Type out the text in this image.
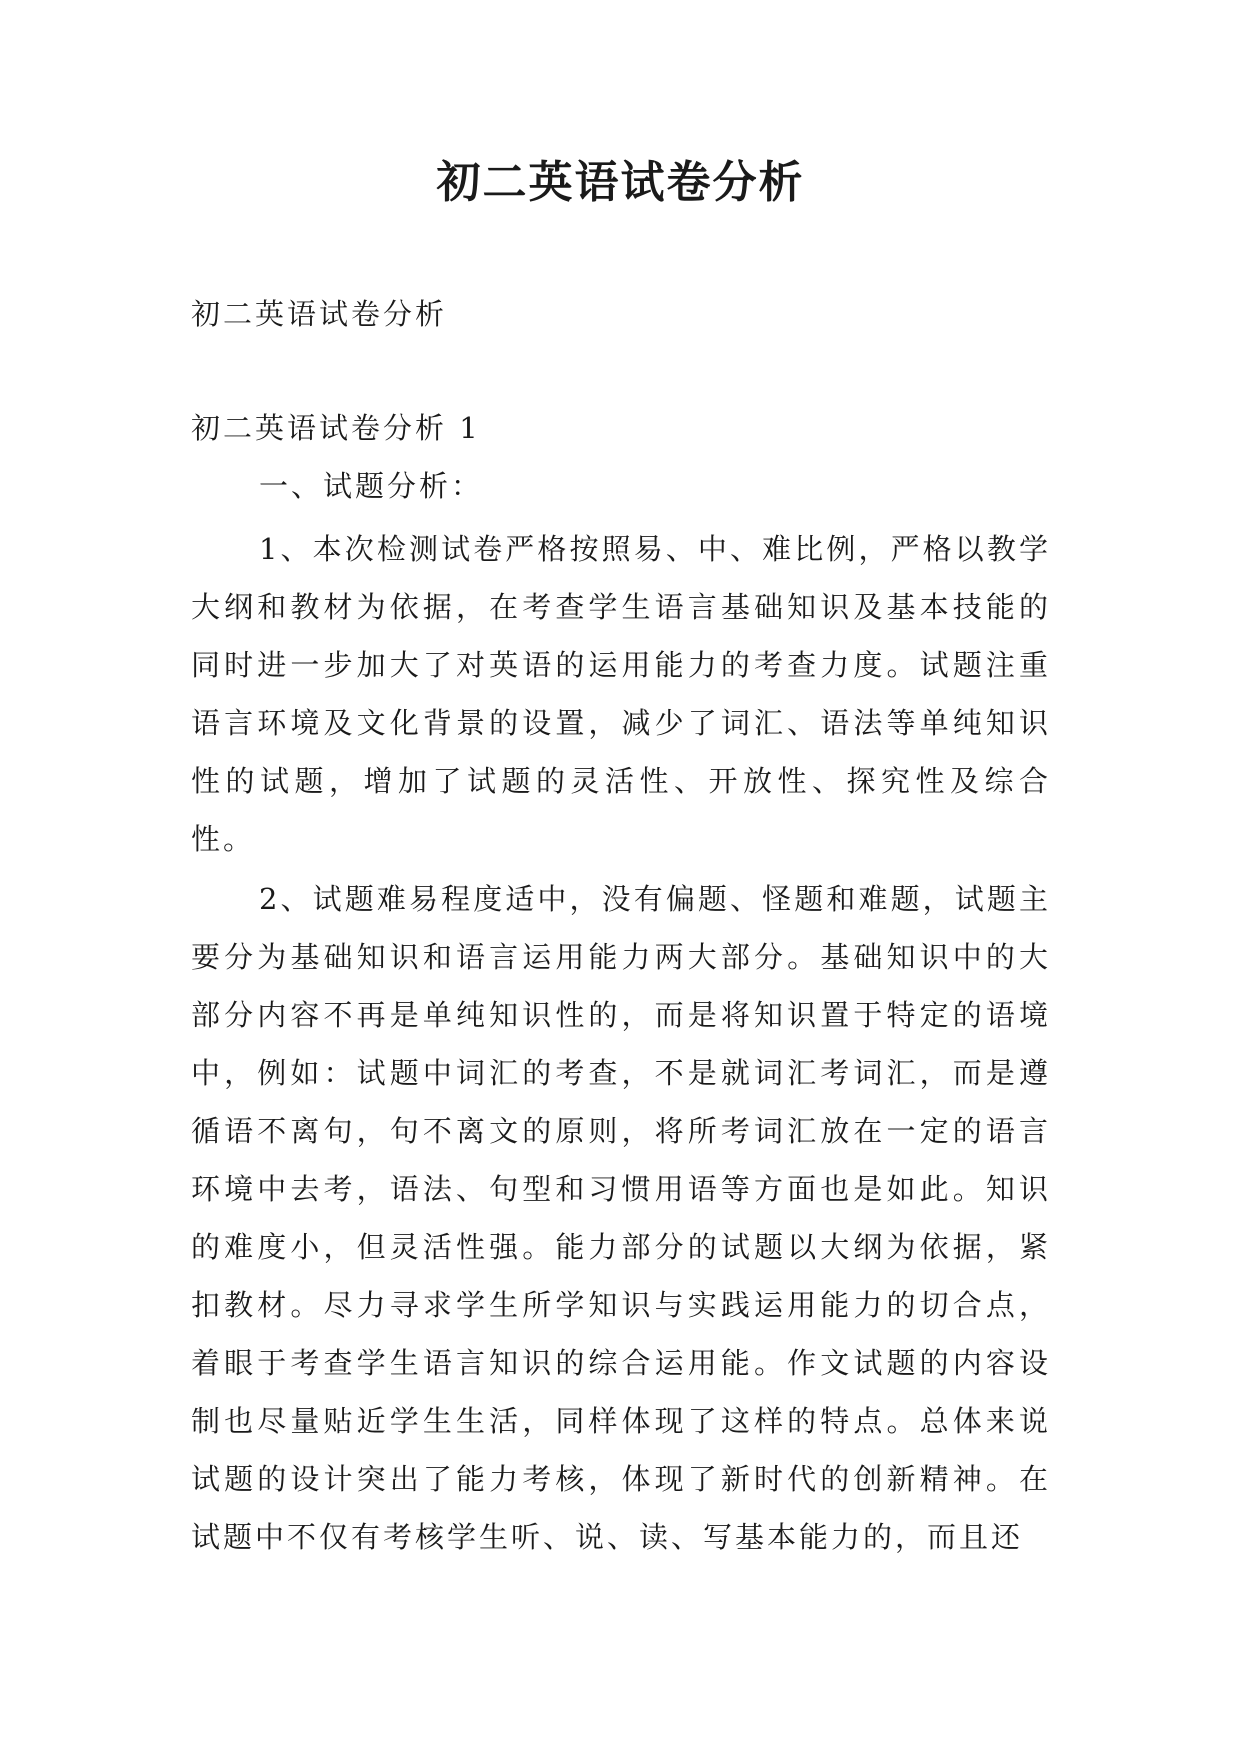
初二英语试卷分析

初二英语试卷分析

初二英语试卷分析 1

一、试题分析：

1、本次检测试卷严格按照易、中、难比例，严格以教学大纲和教材为依据，在考查学生语言基础知识及基本技能的同时进一步加大了对英语的运用能力的考查力度。试题注重语言环境及文化背景的设置，减少了词汇、语法等单纯知识性的试题，增加了试题的灵活性、开放性、探究性及综合性。

2、试题难易程度适中，没有偏题、怪题和难题，试题主要分为基础知识和语言运用能力两大部分。基础知识中的大部分内容不再是单纯知识性的，而是将知识置于特定的语境中，例如：试题中词汇的考查，不是就词汇考词汇，而是遵循语不离句，句不离文的原则，将所考词汇放在一定的语言环境中去考，语法、句型和习惯用语等方面也是如此。知识的难度小，但灵活性强。能力部分的试题以大纲为依据，紧扣教材。尽力寻求学生所学知识与实践运用能力的切合点，着眼于考查学生语言知识的综合运用能。作文试题的内容设制也尽量贴近学生生活，同样体现了这样的特点。总体来说试题的设计突出了能力考核，体现了新时代的创新精神。在试题中不仅有考核学生听、说、读、写基本能力的，而且还
